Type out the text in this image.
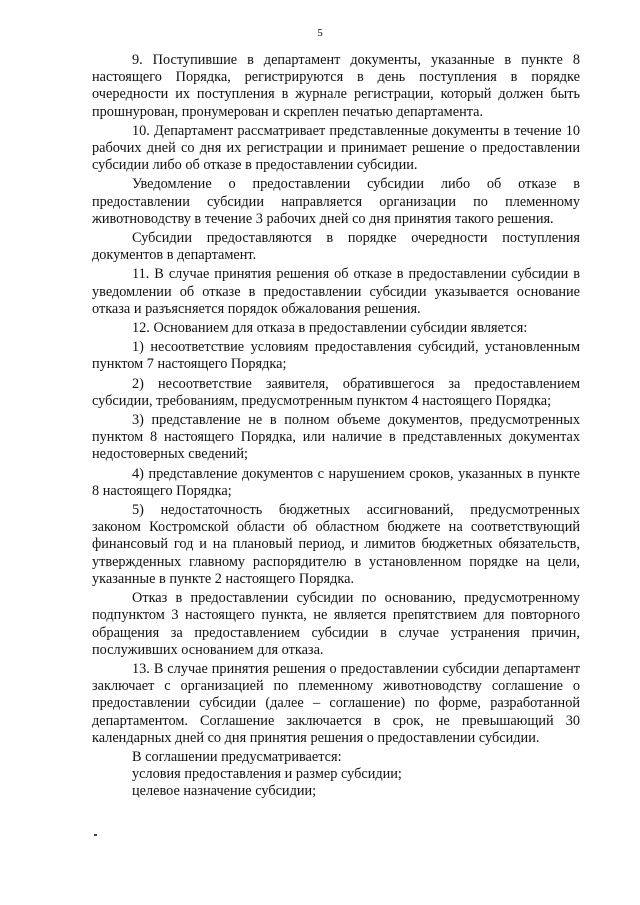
5

9. Поступившие в департамент документы, указанные в пункте 8 настоящего Порядка, регистрируются в день поступления в порядке очередности их поступления в журнале регистрации, который должен быть прошнурован, пронумерован и скреплен печатью департамента.

10. Департамент рассматривает представленные документы в течение 10 рабочих дней со дня их регистрации и принимает решение о предоставлении субсидии либо об отказе в предоставлении субсидии.

Уведомление о предоставлении субсидии либо об отказе в предоставлении субсидии направляется организации по племенному животноводству в течение 3 рабочих дней со дня принятия такого решения.

Субсидии предоставляются в порядке очередности поступления документов в департамент.

11. В случае принятия решения об отказе в предоставлении субсидии в уведомлении об отказе в предоставлении субсидии указывается основание отказа и разъясняется порядок обжалования решения.

12. Основанием для отказа в предоставлении субсидии является:

1) несоответствие условиям предоставления субсидий, установленным пунктом 7 настоящего Порядка;

2) несоответствие заявителя, обратившегося за предоставлением субсидии, требованиям, предусмотренным пунктом 4 настоящего Порядка;

3) представление не в полном объеме документов, предусмотренных пунктом 8 настоящего Порядка, или наличие в представленных документах недостоверных сведений;

4) представление документов с нарушением сроков, указанных в пункте 8 настоящего Порядка;

5) недостаточность бюджетных ассигнований, предусмотренных законом Костромской области об областном бюджете на соответствующий финансовый год и на плановый период, и лимитов бюджетных обязательств, утвержденных главному распорядителю в установленном порядке на цели, указанные в пункте 2 настоящего Порядка.

Отказ в предоставлении субсидии по основанию, предусмотренному подпунктом 3 настоящего пункта, не является препятствием для повторного обращения за предоставлением субсидии в случае устранения причин, послуживших основанием для отказа.

13. В случае принятия решения о предоставлении субсидии департамент заключает с организацией по племенному животноводству соглашение о предоставлении субсидии (далее – соглашение) по форме, разработанной департаментом. Соглашение заключается в срок, не превышающий 30 календарных дней со дня принятия решения о предоставлении субсидии.

В соглашении предусматривается:

условия предоставления и размер субсидии;

целевое назначение субсидии;
